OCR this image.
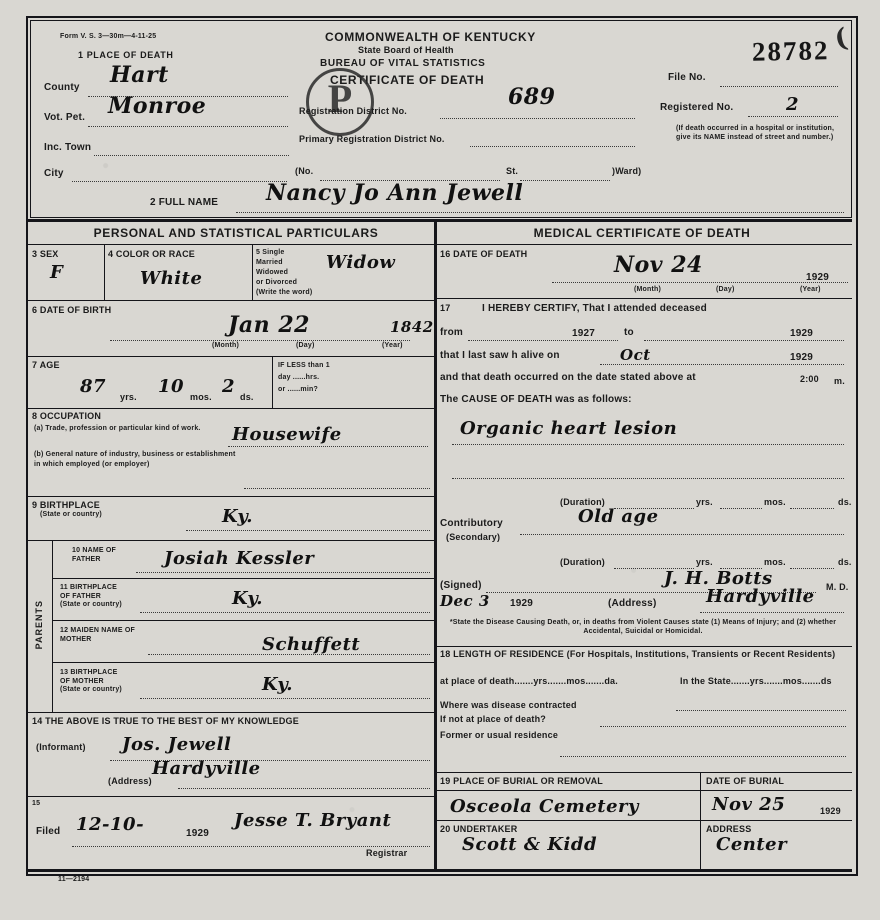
Form V. S. 3—30m—4-11-25
1 PLACE OF DEATH
COMMONWEALTH OF KENTUCKY
State Board of Health
BUREAU OF VITAL STATISTICS
CERTIFICATE OF DEATH
28782 (
P
County Hart
Vot. Pet. Monroe
Inc. Town
City
Registration District No.
689
Primary Registration District No.
(No.	St.	)Ward)
File No.
Registered No.	2
(If death occurred in a hospital or institution, give its NAME instead of street and number.)
2 FULL NAME Nancy Jo Ann Jewell
PERSONAL AND STATISTICAL PARTICULARS	MEDICAL CERTIFICATE OF DEATH
3 SEX
F
4 COLOR OR RACE
White
5 Single
Married
Widowed
or Divorced
(Write the word)
Widow
6 DATE OF BIRTH
Jan 22	1842
(Month)	(Day)	(Year)
7 AGE
87 yrs. 10 mos. 2 ds.
IF LESS than 1
day ......hrs.
or ......min?
8 OCCUPATION
(a) Trade, profession or particular kind of work.	Housewife
(b) General nature of industry, business or establishment in which employed (or employer)
9 BIRTHPLACE
(State or country)	Ky.
PARENTS
10 NAME OF FATHER	Josiah Kessler
11 BIRTHPLACE OF FATHER
(State or country)	Ky.
12 MAIDEN NAME OF MOTHER	Schuffett
13 BIRTHPLACE OF MOTHER
(State or country)	Ky.
14 THE ABOVE IS TRUE TO THE BEST OF MY KNOWLEDGE
(Informant) Jos. Jewell
(Address)
Hardyville
15
Filed 12-10-	1929
Jesse T. Bryant
Registrar
11—2194
16 DATE OF DEATH	Nov 24	1929
(Month)	(Day)	(Year)
17	I HEREBY CERTIFY, That I attended deceased
from	1927	to	1929
that I last saw h alive on	Oct	1929
and that death occurred on the date stated above at	2:00 m.
The CAUSE OF DEATH was as follows:
Organic heart lesion
(Duration)	yrs.	mos.	ds.
Contributory
(Secondary)
Old age
(Duration)	yrs.	mos.	ds.
(Signed)	J. H. Botts	M. D.
Dec 3 1929	(Address)	Hardyville
*State the Disease Causing Death, or, in deaths from Violent Causes state (1) Means of Injury; and (2) whether Accidental, Suicidal or Homicidal.
18 LENGTH OF RESIDENCE (For Hospitals, Institutions, Transients or Recent Residents)
at place of death.......yrs.......mos.......da.	In the State.......yrs.......mos.......ds
Where was disease contracted
If not at place of death?
Former or usual residence
19 PLACE OF BURIAL OR REMOVAL	DATE OF BURIAL
Osceola Cemetery	Nov 25	1929
20 UNDERTAKER	ADDRESS
Scott & Kidd	Center
